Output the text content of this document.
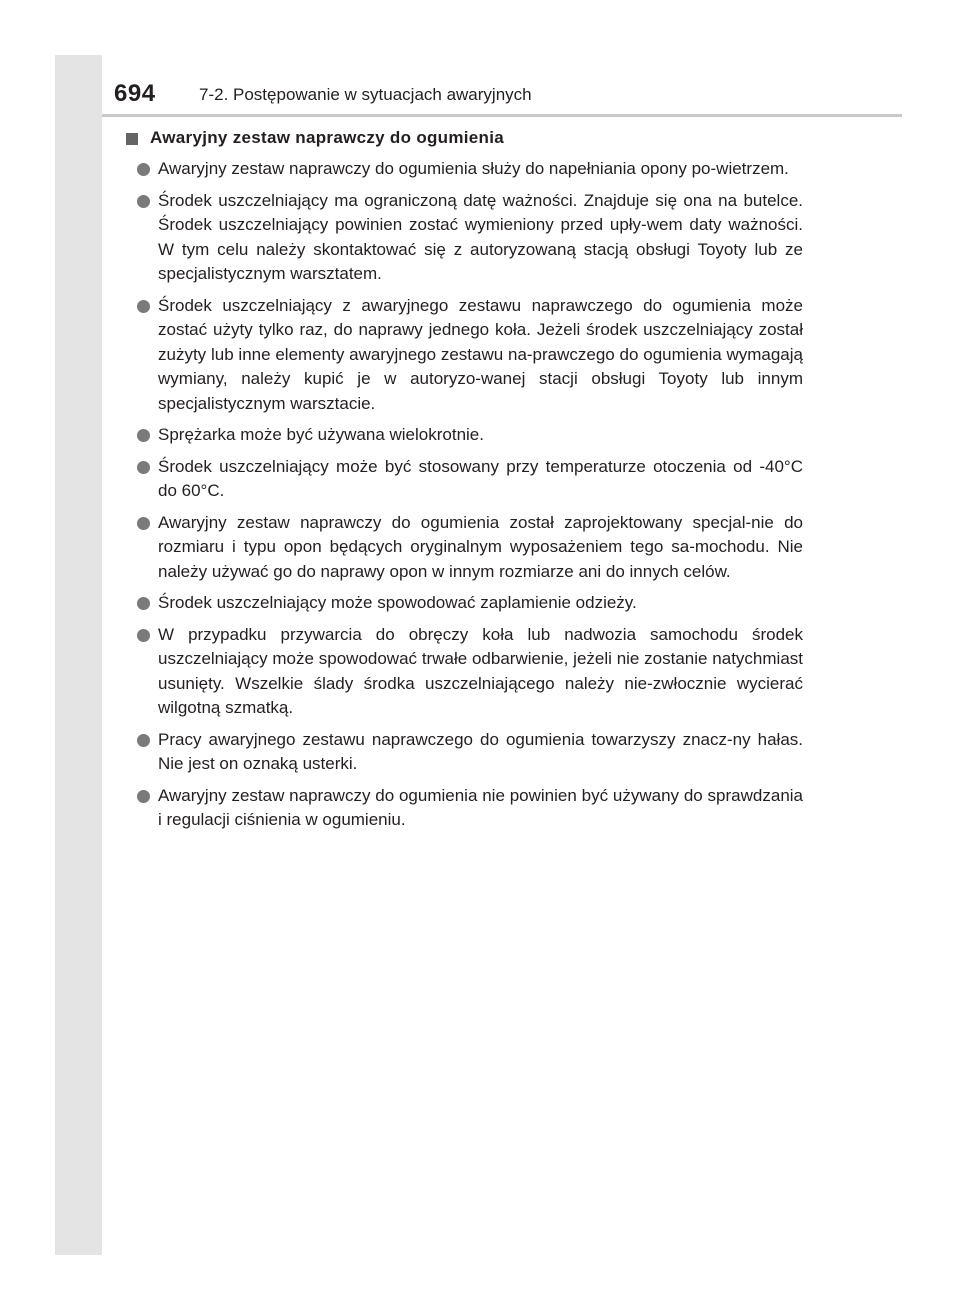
694	7-2. Postępowanie w sytuacjach awaryjnych
Awaryjny zestaw naprawczy do ogumienia
Awaryjny zestaw naprawczy do ogumienia służy do napełniania opony po-wietrzem.
Środek uszczelniający ma ograniczoną datę ważności. Znajduje się ona na butelce. Środek uszczelniający powinien zostać wymieniony przed upły-wem daty ważności. W tym celu należy skontaktować się z autoryzowaną stacją obsługi Toyoty lub ze specjalistycznym warsztatem.
Środek uszczelniający z awaryjnego zestawu naprawczego do ogumienia może zostać użyty tylko raz, do naprawy jednego koła. Jeżeli środek uszczelniający został zużyty lub inne elementy awaryjnego zestawu na-prawczego do ogumienia wymagają wymiany, należy kupić je w autoryzo-wanej stacji obsługi Toyoty lub innym specjalistycznym warsztacie.
Sprężarka może być używana wielokrotnie.
Środek uszczelniający może być stosowany przy temperaturze otoczenia od -40°C do 60°C.
Awaryjny zestaw naprawczy do ogumienia został zaprojektowany specjal-nie do rozmiaru i typu opon będących oryginalnym wyposażeniem tego sa-mochodu. Nie należy używać go do naprawy opon w innym rozmiarze ani do innych celów.
Środek uszczelniający może spowodować zaplamienie odzieży.
W przypadku przywarcia do obręczy koła lub nadwozia samochodu środek uszczelniający może spowodować trwałe odbarwienie, jeżeli nie zostanie natychmiast usunięty. Wszelkie ślady środka uszczelniającego należy nie-zwłocznie wycierać wilgotną szmatką.
Pracy awaryjnego zestawu naprawczego do ogumienia towarzyszy znacz-ny hałas. Nie jest on oznaką usterki.
Awaryjny zestaw naprawczy do ogumienia nie powinien być używany do sprawdzania i regulacji ciśnienia w ogumieniu.
